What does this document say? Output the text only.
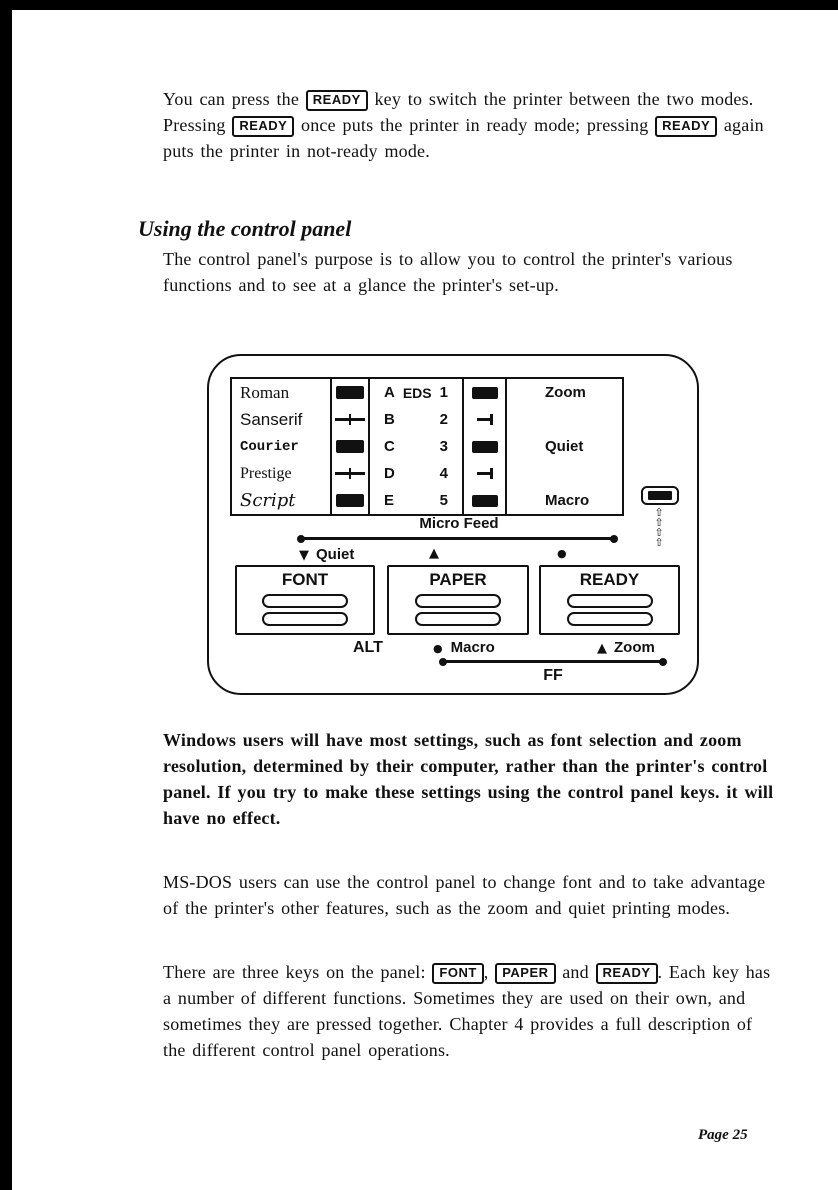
You can press the READY key to switch the printer between the two modes. Pressing READY once puts the printer in ready mode; pressing READY again puts the printer in not-ready mode.

Using the control panel

The control panel's purpose is to allow you to control the printer's various functions and to see at a glance the printer's set-up.

Roman	A EDS 1	Zoom
Sanserif	B	2
Courier	C	3	Quiet
Prestige	D	4
Script	E	5	Macro
⇧
⇧
⇧
⇧
Micro Feed
▼ Quiet	▲	●
FONT	PAPER	READY
ALT	● Macro	▲ Zoom
FF

Windows users will have most settings, such as font selection and zoom resolution, determined by their computer, rather than the printer's control panel. If you try to make these settings using the control panel keys. it will have no effect.

MS-DOS users can use the control panel to change font and to take advantage of the printer's other features, such as the zoom and quiet printing modes.

There are three keys on the panel: FONT , PAPER and READY . Each key has a number of different functions. Sometimes they are used on their own, and sometimes they are pressed together. Chapter 4 provides a full description of the different control panel operations.

Page 25
